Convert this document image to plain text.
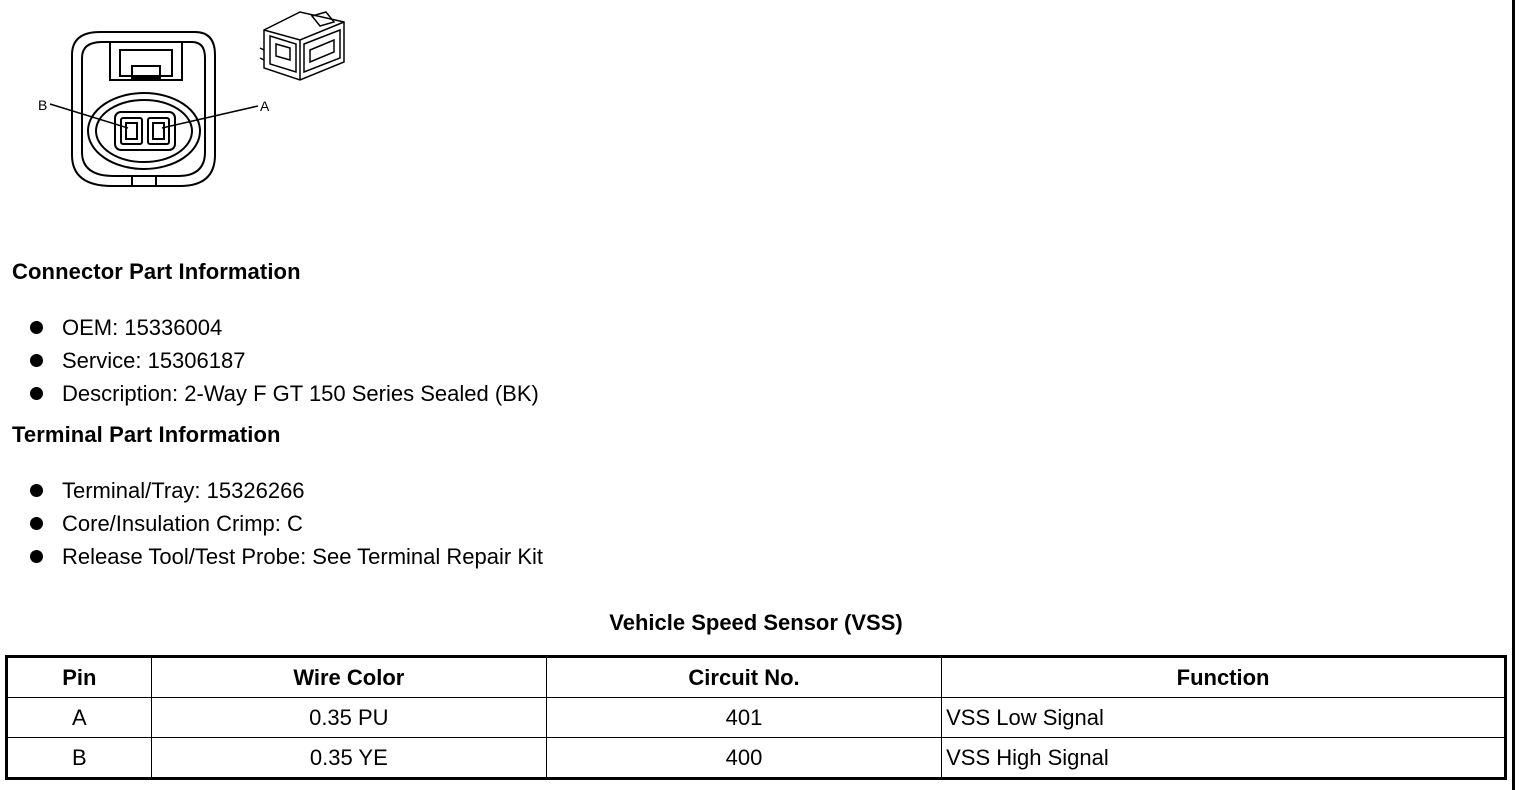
B	A
Connector Part Information
OEM: 15336004
Service: 15306187
Description: 2-Way F GT 150 Series Sealed (BK)
Terminal Part Information
Terminal/Tray: 15326266
Core/Insulation Crimp: C
Release Tool/Test Probe: See Terminal Repair Kit
Vehicle Speed Sensor (VSS)
Pin	Wire Color	Circuit No.	Function
A	0.35 PU	401	VSS Low Signal
B	0.35 YE	400	VSS High Signal
